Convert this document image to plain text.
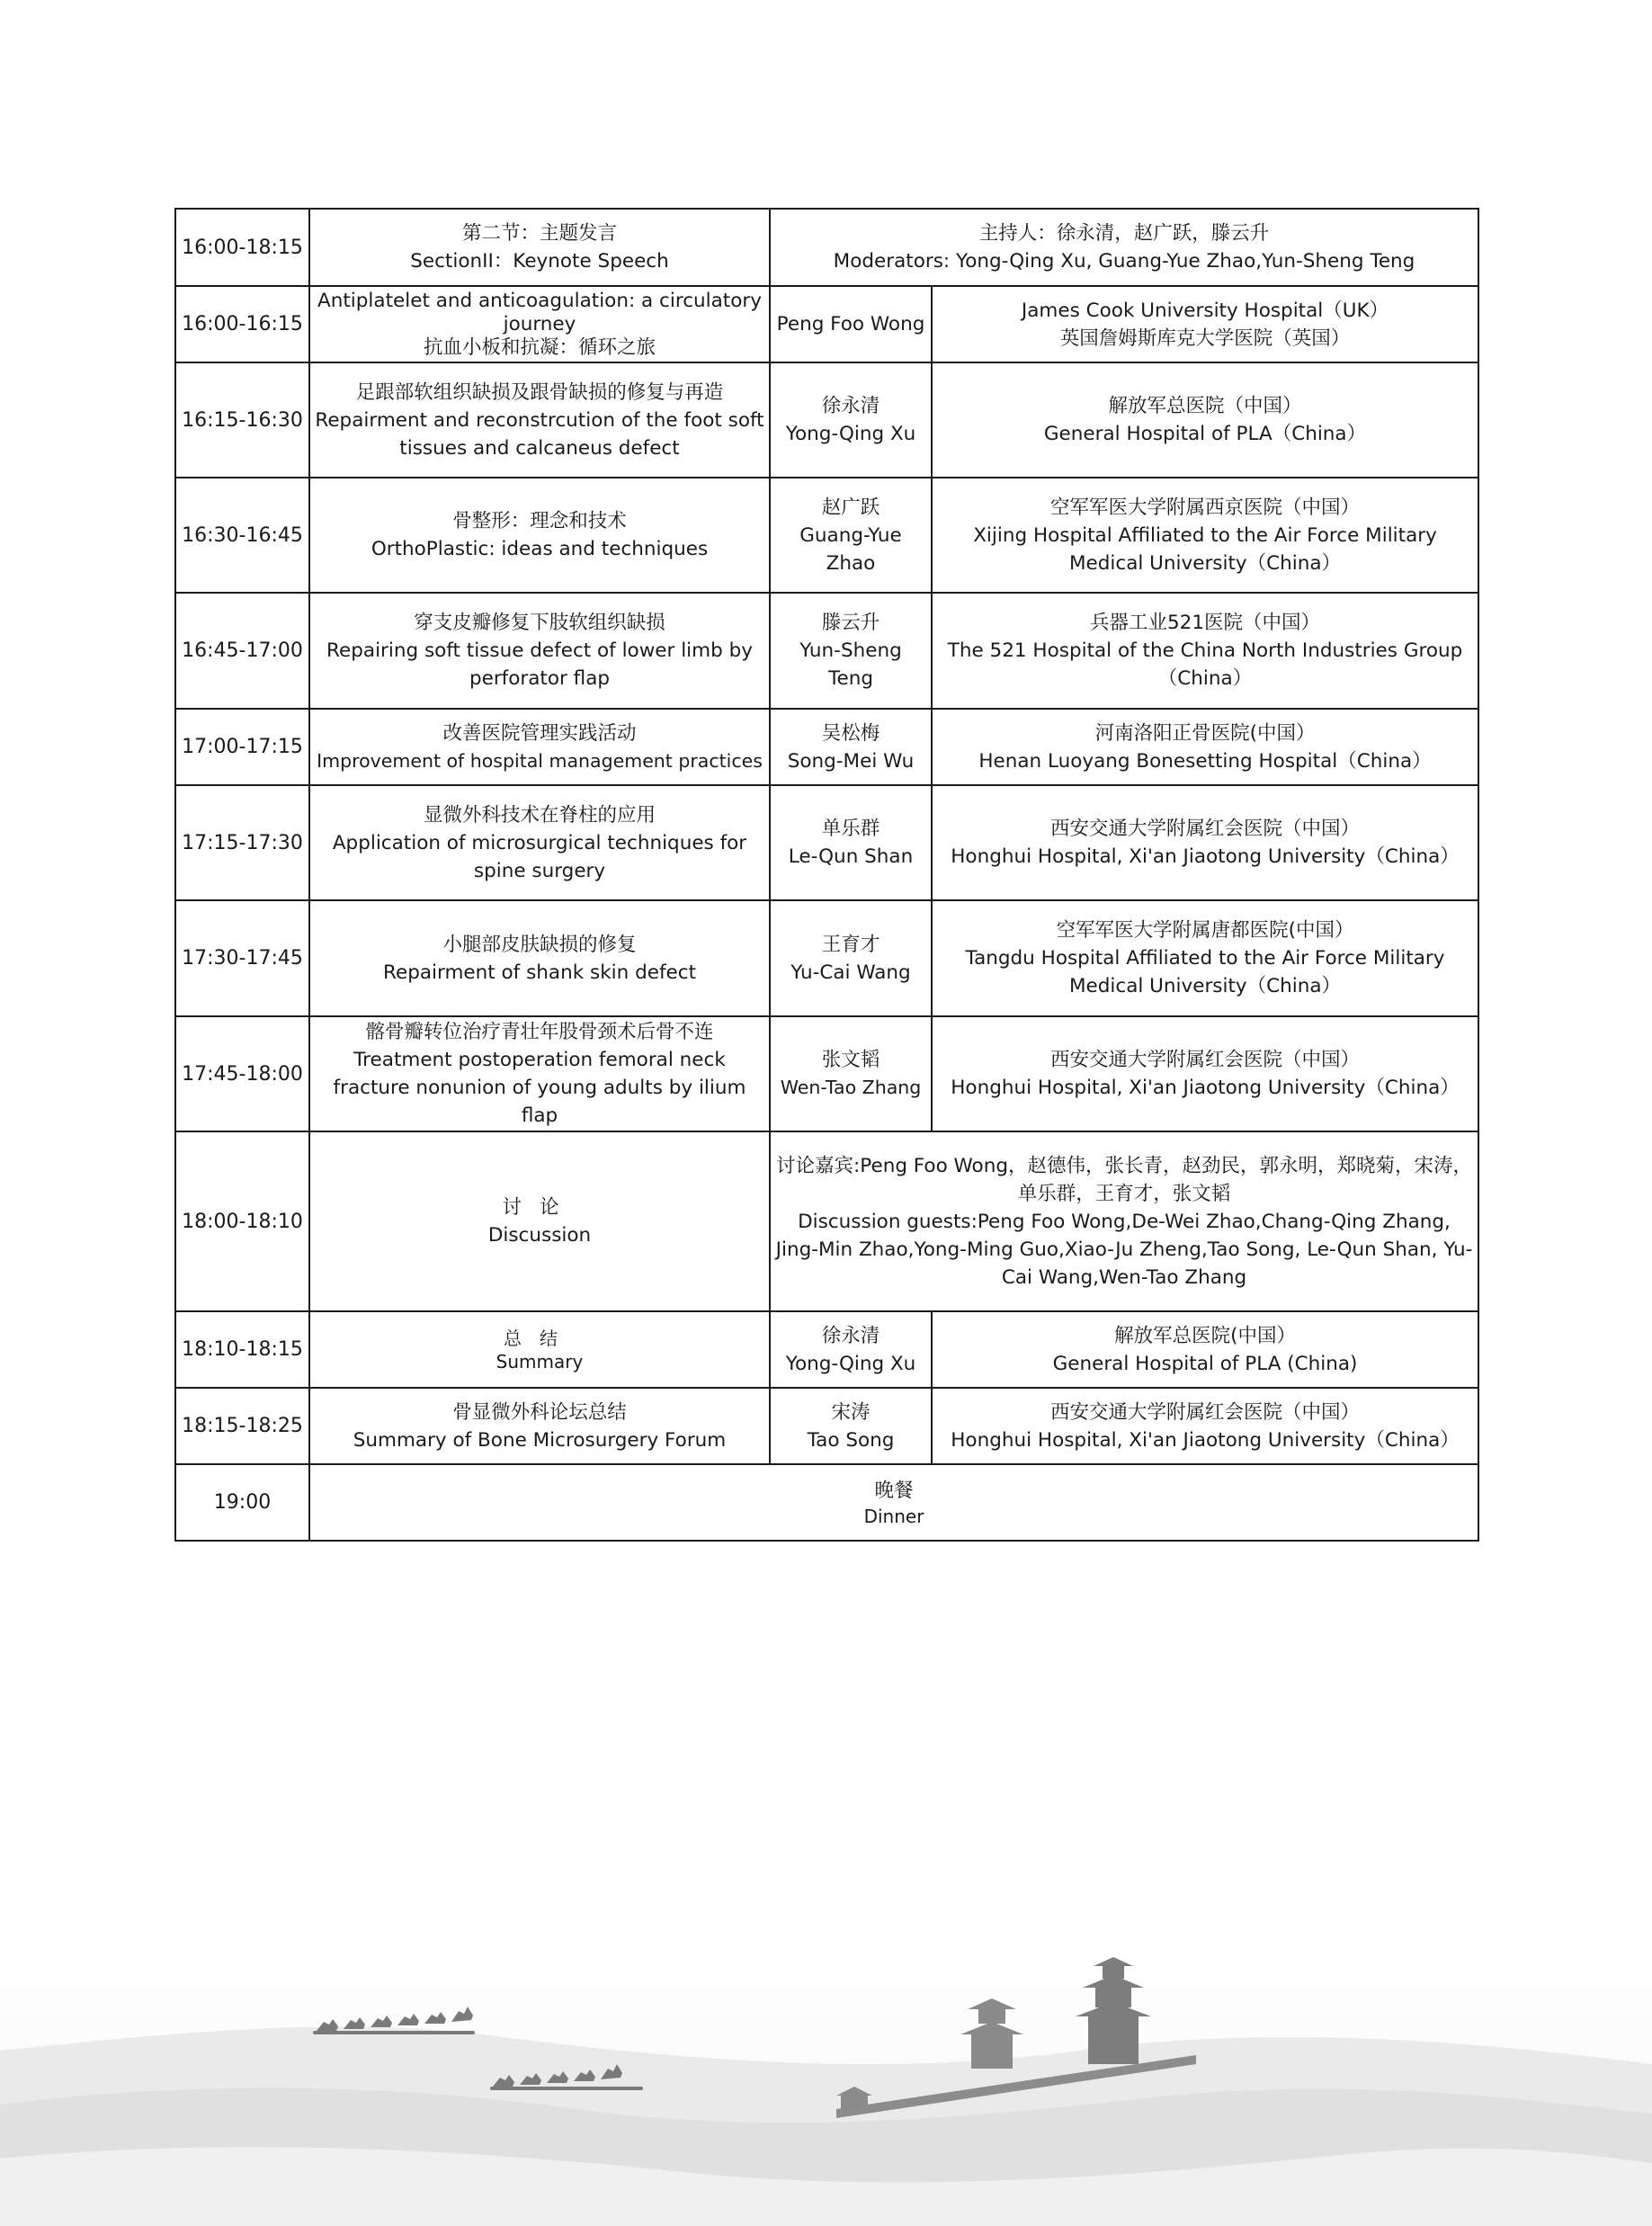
16:00-18:15	第二节：主题发言
SectionII：Keynote Speech	主持人：徐永清，赵广跃，滕云升
Moderators: Yong-Qing Xu, Guang-Yue Zhao,Yun-Sheng Teng	

16:00-16:15	Antiplatelet and anticoagulation: a circulatory journey
抗血小板和抗凝：循环之旅	Peng Foo Wong	James Cook University Hospital（UK）
英国詹姆斯库克大学医院（英国）

16:15-16:30	足跟部软组织缺损及跟骨缺损的修复与再造
Repairment and reconstrcution of the foot soft tissues and calcaneus defect	徐永清
Yong-Qing Xu	解放军总医院（中国）
General Hospital of PLA（China）

16:30-16:45	骨整形：理念和技术
OrthoPlastic: ideas and techniques	赵广跃
Guang-Yue Zhao	空军军医大学附属西京医院（中国）
Xijing Hospital Affiliated to the Air Force Military Medical University（China）

16:45-17:00	穿支皮瓣修复下肢软组织缺损
Repairing soft tissue defect of lower limb by perforator flap	滕云升
Yun-Sheng Teng	兵器工业521医院（中国）
The 521 Hospital of the China North Industries Group（China）

17:00-17:15	改善医院管理实践活动
Improvement of hospital management practices	吴松梅
Song-Mei Wu	河南洛阳正骨医院(中国）
Henan Luoyang Bonesetting Hospital（China）

17:15-17:30	显微外科技术在脊柱的应用
Application of microsurgical techniques for spine surgery	单乐群
Le-Qun Shan	西安交通大学附属红会医院（中国）
Honghui Hospital, Xi'an Jiaotong University（China）

17:30-17:45	小腿部皮肤缺损的修复
Repairment of shank skin defect	王育才
Yu-Cai Wang	空军军医大学附属唐都医院(中国）
Tangdu Hospital Affiliated to the Air Force Military Medical University（China）

17:45-18:00	髂骨瓣转位治疗青壮年股骨颈术后骨不连
Treatment postoperation femoral neck fracture nonunion of young adults by ilium flap	张文韬
Wen-Tao Zhang	西安交通大学附属红会医院（中国）
Honghui Hospital, Xi'an Jiaotong University（China）

18:00-18:10	讨论
Discussion	讨论嘉宾:Peng Foo Wong，赵德伟，张长青，赵劲民，郭永明，郑晓菊，宋涛，单乐群，王育才，张文韬
Discussion guests:Peng Foo Wong,De-Wei Zhao,Chang-Qing Zhang, Jing-Min Zhao,Yong-Ming Guo,Xiao-Ju Zheng,Tao Song, Le-Qun Shan, Yu-Cai Wang,Wen-Tao Zhang	

18:10-18:15	总结
Summary	徐永清
Yong-Qing Xu	解放军总医院(中国）
General Hospital of PLA (China)

18:15-18:25	骨显微外科论坛总结
Summary of Bone Microsurgery Forum	宋涛
Tao Song	西安交通大学附属红会医院（中国）
Honghui Hospital, Xi'an Jiaotong University（China）

19:00	晚餐
Dinner		
